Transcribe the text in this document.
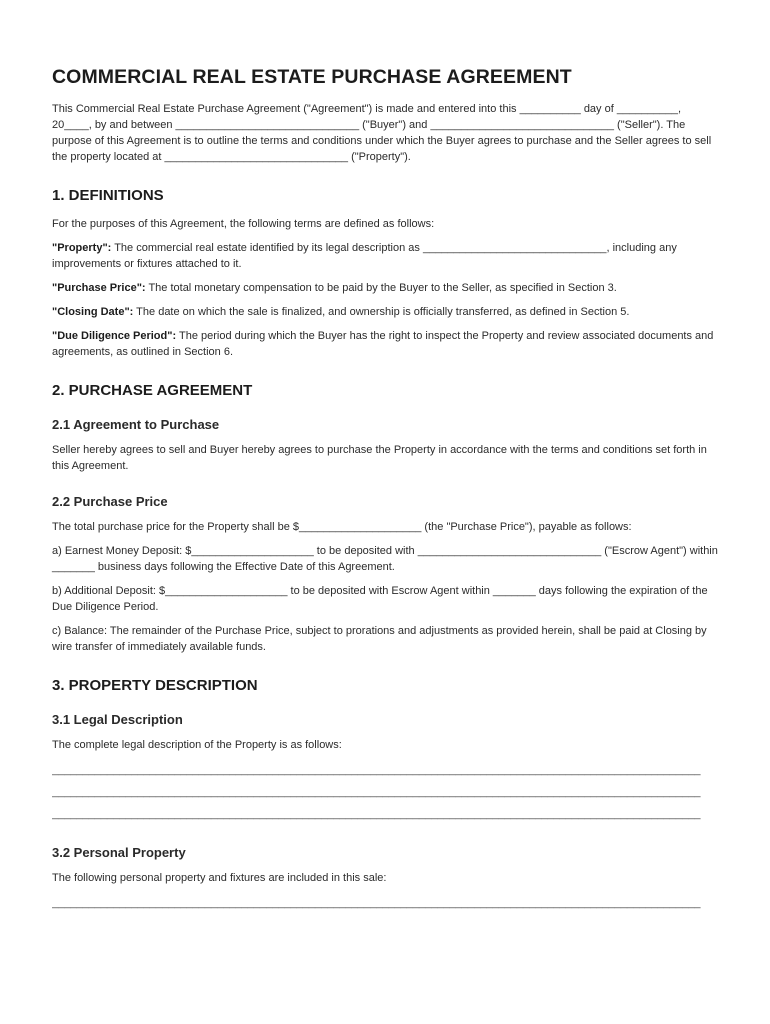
COMMERCIAL REAL ESTATE PURCHASE AGREEMENT

This Commercial Real Estate Purchase Agreement ("Agreement") is made and entered into this __________ day of __________, 20____, by and between ______________________________ ("Buyer") and ______________________________ ("Seller"). The purpose of this Agreement is to outline the terms and conditions under which the Buyer agrees to purchase and the Seller agrees to sell the property located at ______________________________ ("Property").

1. DEFINITIONS

For the purposes of this Agreement, the following terms are defined as follows:

"Property": The commercial real estate identified by its legal description as ______________________________, including any improvements or fixtures attached to it.

"Purchase Price": The total monetary compensation to be paid by the Buyer to the Seller, as specified in Section 3.

"Closing Date": The date on which the sale is finalized, and ownership is officially transferred, as defined in Section 5.

"Due Diligence Period": The period during which the Buyer has the right to inspect the Property and review associated documents and agreements, as outlined in Section 6.

2. PURCHASE AGREEMENT
2.1 Agreement to Purchase

Seller hereby agrees to sell and Buyer hereby agrees to purchase the Property in accordance with the terms and conditions set forth in this Agreement.

2.2 Purchase Price

The total purchase price for the Property shall be $____________________ (the "Purchase Price"), payable as follows:

a) Earnest Money Deposit: $____________________ to be deposited with ______________________________ ("Escrow Agent") within _______ business days following the Effective Date of this Agreement.

b) Additional Deposit: $____________________ to be deposited with Escrow Agent within _______ days following the expiration of the Due Diligence Period.

c) Balance: The remainder of the Purchase Price, subject to prorations and adjustments as provided herein, shall be paid at Closing by wire transfer of immediately available funds.

3. PROPERTY DESCRIPTION
3.1 Legal Description

The complete legal description of the Property is as follows:

__________________________________________________________________________________________________________

__________________________________________________________________________________________________________

__________________________________________________________________________________________________________

3.2 Personal Property

The following personal property and fixtures are included in this sale:

__________________________________________________________________________________________________________
